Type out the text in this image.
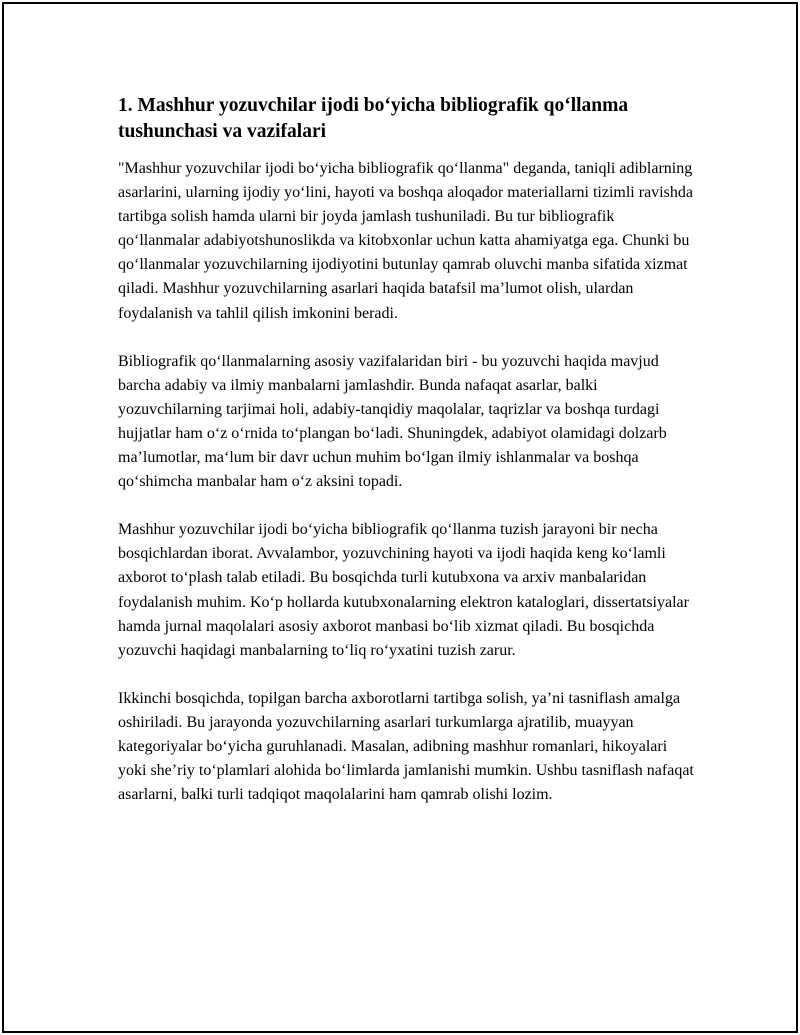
1. Mashhur yozuvchilar ijodi bo‘yicha bibliografik qo‘llanma tushunchasi va vazifalari

"Mashhur yozuvchilar ijodi bo‘yicha bibliografik qo‘llanma" deganda, taniqli adiblarning asarlarini, ularning ijodiy yo‘lini, hayoti va boshqa aloqador materiallarni tizimli ravishda tartibga solish hamda ularni bir joyda jamlash tushuniladi. Bu tur bibliografik qo‘llanmalar adabiyotshunoslikda va kitobxonlar uchun katta ahamiyatga ega. Chunki bu qo‘llanmalar yozuvchilarning ijodiyotini butunlay qamrab oluvchi manba sifatida xizmat qiladi. Mashhur yozuvchilarning asarlari haqida batafsil ma’lumot olish, ulardan foydalanish va tahlil qilish imkonini beradi.

Bibliografik qo‘llanmalarning asosiy vazifalaridan biri - bu yozuvchi haqida mavjud barcha adabiy va ilmiy manbalarni jamlashdir. Bunda nafaqat asarlar, balki yozuvchilarning tarjimai holi, adabiy-tanqidiy maqolalar, taqrizlar va boshqa turdagi hujjatlar ham o‘z o‘rnida to‘plangan bo‘ladi. Shuningdek, adabiyot olamidagi dolzarb ma’lumotlar, ma‘lum bir davr uchun muhim bo‘lgan ilmiy ishlanmalar va boshqa qo‘shimcha manbalar ham o‘z aksini topadi.

Mashhur yozuvchilar ijodi bo‘yicha bibliografik qo‘llanma tuzish jarayoni bir necha bosqichlardan iborat. Avvalambor, yozuvchining hayoti va ijodi haqida keng ko‘lamli axborot to‘plash talab etiladi. Bu bosqichda turli kutubxona va arxiv manbalaridan foydalanish muhim. Ko‘p hollarda kutubxonalarning elektron kataloglari, dissertatsiyalar hamda jurnal maqolalari asosiy axborot manbasi bo‘lib xizmat qiladi. Bu bosqichda yozuvchi haqidagi manbalarning to‘liq ro‘yxatini tuzish zarur.

Ikkinchi bosqichda, topilgan barcha axborotlarni tartibga solish, ya’ni tasniflash amalga oshiriladi. Bu jarayonda yozuvchilarning asarlari turkumlarga ajratilib, muayyan kategoriyalar bo‘yicha guruhlanadi. Masalan, adibning mashhur romanlari, hikoyalari yoki she’riy to‘plamlari alohida bo‘limlarda jamlanishi mumkin. Ushbu tasniflash nafaqat asarlarni, balki turli tadqiqot maqolalarini ham qamrab olishi lozim.
